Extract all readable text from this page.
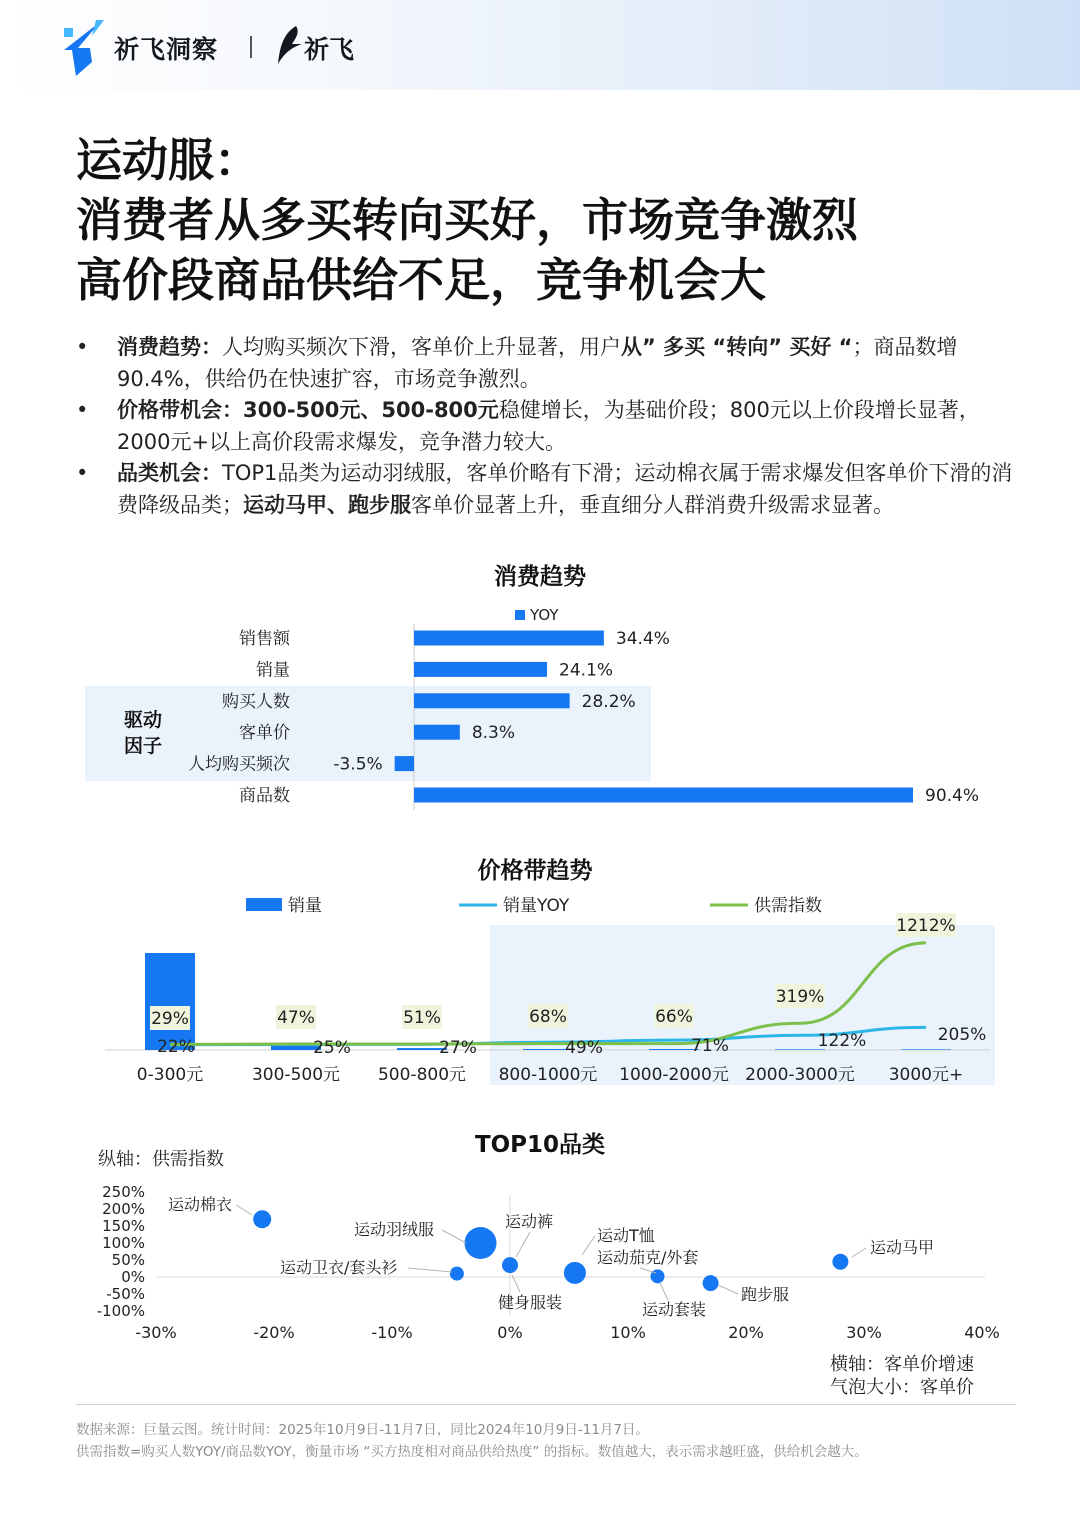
祈飞洞察	祈飞
运动服：
消费者从多买转向买好，市场竞争激烈
高价段商品供给不足，竞争机会大
• 消费趋势：人均购买频次下滑，客单价上升显著，用户从” 多买 “转向” 买好 “；商品数增90.4%，供给仍在快速扩容，市场竞争激烈。
• 价格带机会：300-500元、500-800元稳健增长，为基础价段；800元以上价段增长显著，2000元+以上高价段需求爆发，竞争潜力较大。
• 品类机会：TOP1品类为运动羽绒服，客单价略有下滑；运动棉衣属于需求爆发但客单价下滑的消费降级品类；运动马甲、跑步服客单价显著上升，垂直细分人群消费升级需求显著。
消费趋势
驱动
因子
YOY
销售额	34.4%
销量	24.1%
购买人数	28.2%
客单价	8.3%
人均购买频次	-3.5%
商品数	90.4%
价格带趋势
销量	销量YOY	供需指数
0-300元	300-500元 500-800元 800-1000元 1000-2000元 2000-3000元 3000元+
22%	25%	27%	49%	71%	122%	205%
29%	47%	51%	68%	66%
319%
1212%
TOP10品类
纵轴：供需指数
250%
200%
150%
100%
50%
0%
-50%
-100%
-30%	-20%	-10%	0%	10%	20%	30%	40%
运动棉衣
运动羽绒服	运动裤
运动卫衣/套头衫
运动T恤
运动茄克/外套
健身服装	运动套装
跑步服
运动马甲
横轴：客单价增速
气泡大小：客单价
数据来源：巨量云图。统计时间：2025年10月9日-11月7日，同比2024年10月9日-11月7日。
供需指数=购买人数YOY/商品数YOY，衡量市场 “买方热度相对商品供给热度” 的指标。数值越大，表示需求越旺盛，供给机会越大。
